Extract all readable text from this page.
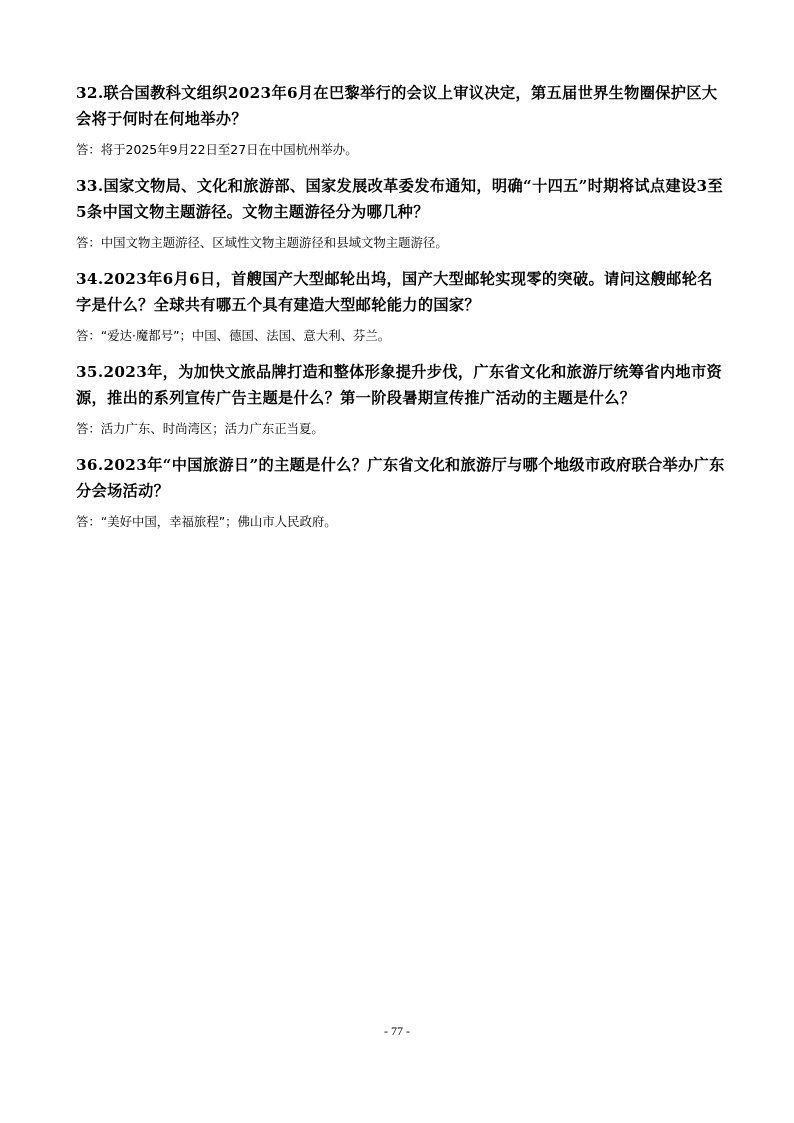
32.联合国教科文组织2023年6月在巴黎举行的会议上审议决定，第五届世界生物圈保护区大会将于何时在何地举办？

答：将于2025年9月22日至27日在中国杭州举办。

33.国家文物局、文化和旅游部、国家发展改革委发布通知，明确“十四五”时期将试点建设3至5条中国文物主题游径。文物主题游径分为哪几种？

答：中国文物主题游径、区域性文物主题游径和县域文物主题游径。

34.2023年6月6日，首艘国产大型邮轮出坞，国产大型邮轮实现零的突破。请问这艘邮轮名字是什么？全球共有哪五个具有建造大型邮轮能力的国家？

答：“爱达·魔都号”；中国、德国、法国、意大利、芬兰。

35.2023年，为加快文旅品牌打造和整体形象提升步伐，广东省文化和旅游厅统筹省内地市资源，推出的系列宣传广告主题是什么？第一阶段暑期宣传推广活动的主题是什么？

答：活力广东、时尚湾区；活力广东正当夏。

36.2023年“中国旅游日”的主题是什么？广东省文化和旅游厅与哪个地级市政府联合举办广东分会场活动？

答：“美好中国，幸福旅程”；佛山市人民政府。

- 77 -
